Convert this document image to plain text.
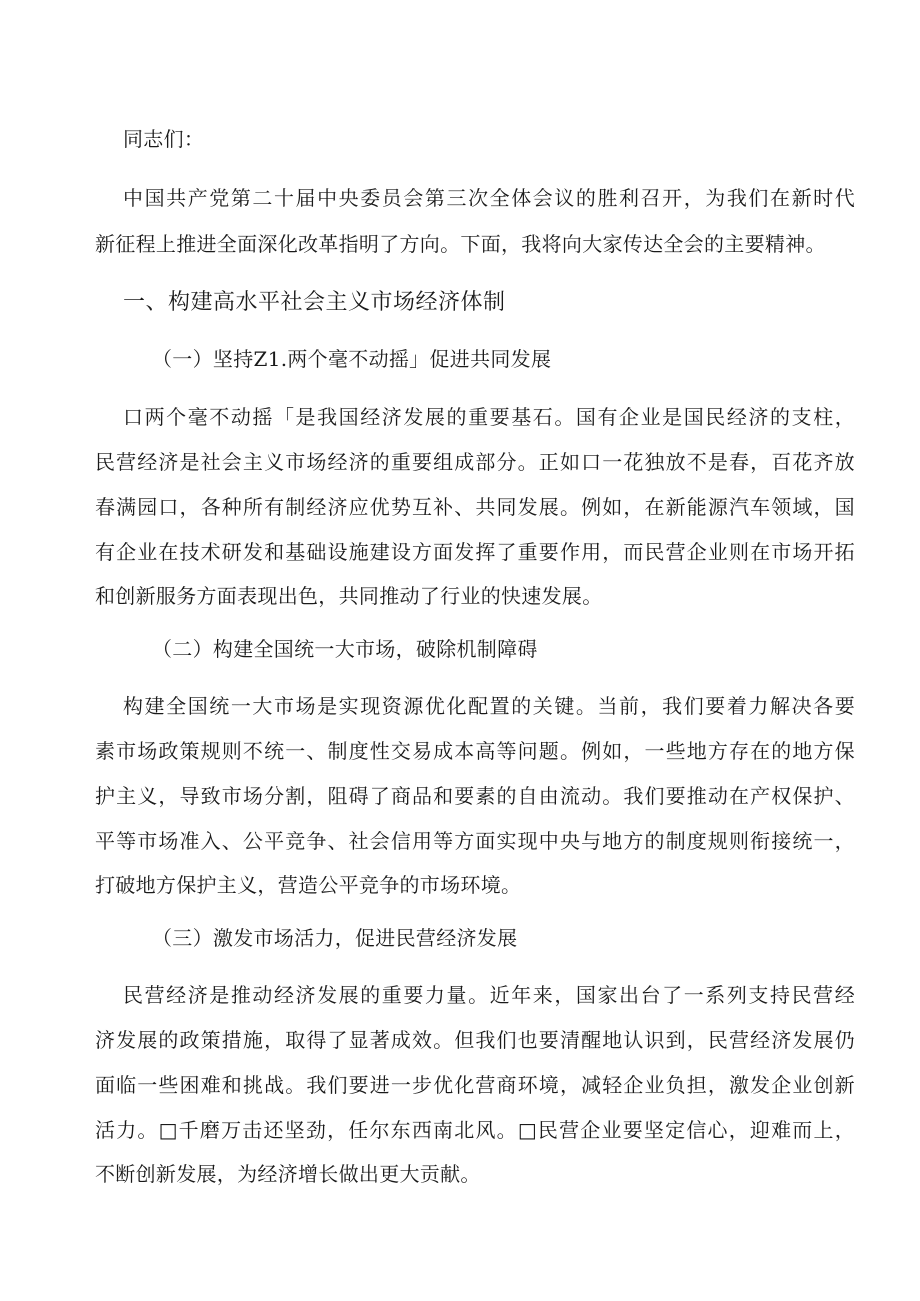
同志们：
中国共产党第二十届中央委员会第三次全体会议的胜利召开，为我们在新时代
新征程上推进全面深化改革指明了方向。下面，我将向大家传达全会的主要精神。
一、构建高水平社会主义市场经济体制
（一）坚持Z1.两个毫不动摇」促进共同发展
口两个毫不动摇「是我国经济发展的重要基石。国有企业是国民经济的支柱，
民营经济是社会主义市场经济的重要组成部分。正如口一花独放不是春，百花齐放
春满园口，各种所有制经济应优势互补、共同发展。例如，在新能源汽车领域，国
有企业在技术研发和基础设施建设方面发挥了重要作用，而民营企业则在市场开拓
和创新服务方面表现出色，共同推动了行业的快速发展。
（二）构建全国统一大市场，破除机制障碍
构建全国统一大市场是实现资源优化配置的关键。当前，我们要着力解决各要
素市场政策规则不统一、制度性交易成本高等问题。例如，一些地方存在的地方保
护主义，导致市场分割，阻碍了商品和要素的自由流动。我们要推动在产权保护、
平等市场准入、公平竞争、社会信用等方面实现中央与地方的制度规则衔接统一，
打破地方保护主义，营造公平竞争的市场环境。
（三）激发市场活力，促进民营经济发展
民营经济是推动经济发展的重要力量。近年来，国家出台了一系列支持民营经
济发展的政策措施，取得了显著成效。但我们也要清醒地认识到，民营经济发展仍
面临一些困难和挑战。我们要进一步优化营商环境，减轻企业负担，激发企业创新
活力。□千磨万击还坚劲，任尔东西南北风。□民营企业要坚定信心，迎难而上，
不断创新发展，为经济增长做出更大贡献。
